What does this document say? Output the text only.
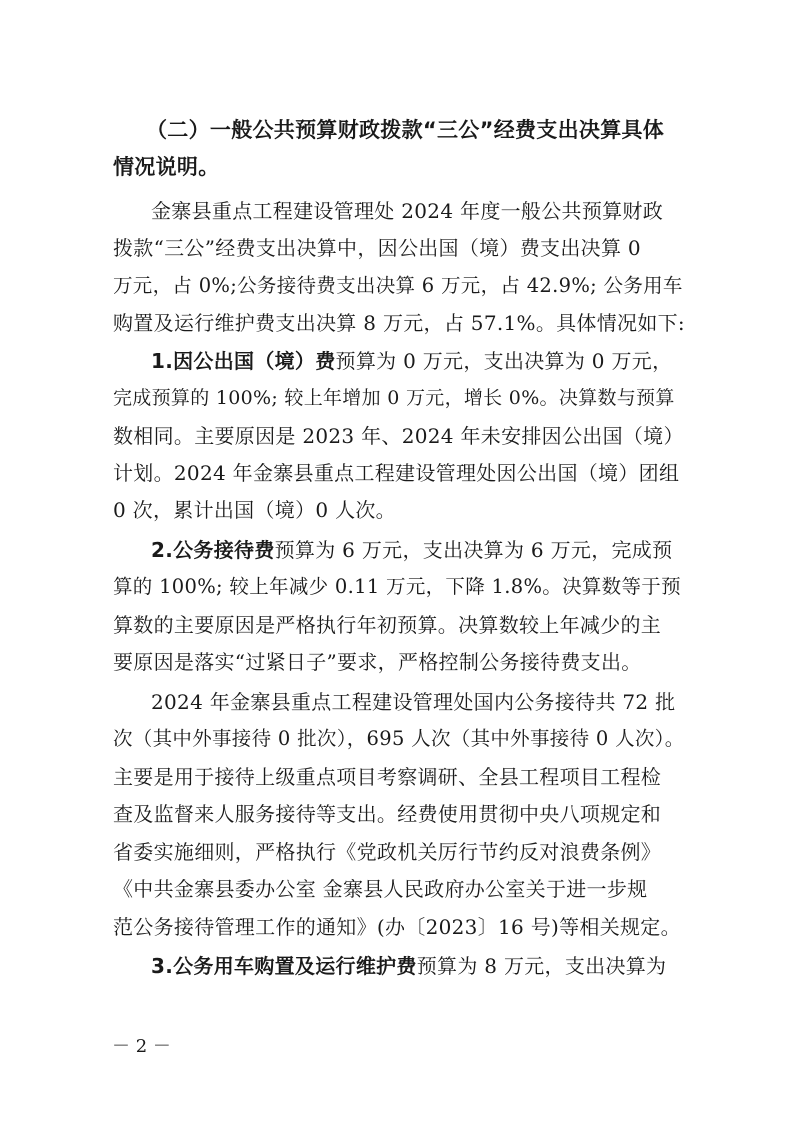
（二）一般公共预算财政拨款“三公”经费支出决算具体
情况说明。
金寨县重点工程建设管理处 2024 年度一般公共预算财政
拨款“三公”经费支出决算中，因公出国（境）费支出决算 0
万元，占 0%;公务接待费支出决算 6 万元，占 42.9%; 公务用车
购置及运行维护费支出决算 8 万元，占 57.1%。具体情况如下:
1.因公出国（境）费预算为 0 万元，支出决算为 0 万元，
完成预算的 100%; 较上年增加 0 万元，增长 0%。决算数与预算
数相同。主要原因是 2023 年、2024 年未安排因公出国（境）
计划。2024 年金寨县重点工程建设管理处因公出国（境）团组
0 次，累计出国（境）0 人次。
2.公务接待费预算为 6 万元，支出决算为 6 万元，完成预
算的 100%; 较上年减少 0.11 万元，下降 1.8%。决算数等于预
算数的主要原因是严格执行年初预算。决算数较上年减少的主
要原因是落实“过紧日子”要求，严格控制公务接待费支出。
2024 年金寨县重点工程建设管理处国内公务接待共 72 批
次（其中外事接待 0 批次），695 人次（其中外事接待 0 人次）。
主要是用于接待上级重点项目考察调研、全县工程项目工程检
查及监督来人服务接待等支出。经费使用贯彻中央八项规定和
省委实施细则，严格执行《党政机关厉行节约反对浪费条例》
《中共金寨县委办公室 金寨县人民政府办公室关于进一步规
范公务接待管理工作的通知》(办〔2023〕16 号)等相关规定。
3.公务用车购置及运行维护费预算为 8 万元，支出决算为
－ 2 －
